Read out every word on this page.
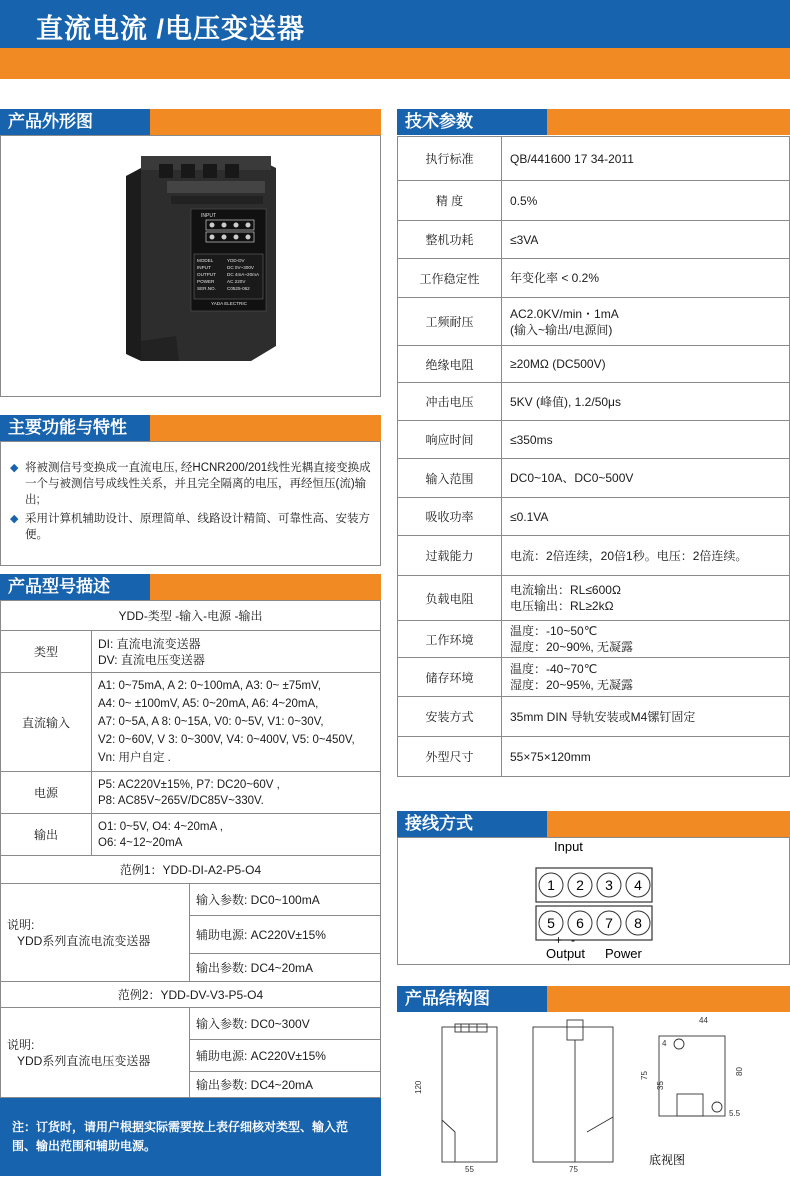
直流电流 /电压变送器
产品外形图
INPUT
MODEL
INPUT
OUTPUT
POWER
SER.NO.
YDD-DV
DC 0V~300V
DC 4mA~20mA
AC 220V
C0525-062
YADA ELECTRIC
主要功能与特性
◆ 将被测信号变换成一直流电压, 经HCNR200/201线性光耦直接变换成一个与被测信号成线性关系，并且完全隔离的电压，再经恒压(流)输出;
◆ 采用计算机辅助设计、原理简单、线路设计精简、可靠性高、安装方便。
产品型号描述
YDD-类型 -输入-电源 -输出	
类型	DI: 直流电流变送器
DV: 直流电压变送器

直流输入	A1: 0~75mA, A 2: 0~100mA, A3: 0~ ±75mV,
A4: 0~ ±100mV, A5: 0~20mA, A6: 4~20mA,
A7: 0~5A, A 8: 0~15A, V0: 0~5V, V1: 0~30V,
V2: 0~60V, V 3: 0~300V, V4: 0~400V, V5: 0~450V,
Vn: 用户自定 .

电源	P5: AC220V±15%, P7: DC20~60V ,
P8: AC85V~265V/DC85V~330V.

输出	O1: 0~5V, O4: 4~20mA ,
O6: 4~12~20mA
范例1：YDD-DI-A2-P5-O4

说明:
YDD系列直流电流变送器
	输入参数: DC0~100mA
辅助电源: AC220V±15%
输出参数: DC4~20mA
范例2：YDD-DV-V3-P5-O4

说明:
YDD系列直流电压变送器
	输入参数: DC0~300V
辅助电源: AC220V±15%
输出参数: DC4~20mA
注：订货时，请用户根据实际需要按上表仔细核对类型、输入范
围、输出范围和辅助电源。
技术参数
执行标准	QB/441600 17 34-2011

精 度	0.5%

整机功耗	≤3VA

工作稳定性	年变化率 < 0.2%

工频耐压	AC2.0KV/min・1mA
(输入~输出/电源间)

绝缘电阻	≥20MΩ (DC500V)

冲击电压	5KV (峰值), 1.2/50μs

响应时间	≤350ms

输入范围	DC0~10A、DC0~500V

吸收功率	≤0.1VA

过载能力	电流：2倍连续，20倍1秒。电压：2倍连续。

负载电阻	电流输出：RL≤600Ω
电压输出：RL≥2kΩ

工作环境	温度：-10~50℃
湿度：20~90%, 无凝露

储存环境	温度：-40~70℃
湿度：20~95%, 无凝露

安装方式	35mm DIN 导轨安装或M4镙钉固定

外型尺寸	55×75×120mm
接线方式
Input
1 2 3 4
5 6 7 8
+ -
Output Power
产品结构图
44
120
55	75
4
75
35
80
5.5
底视图
